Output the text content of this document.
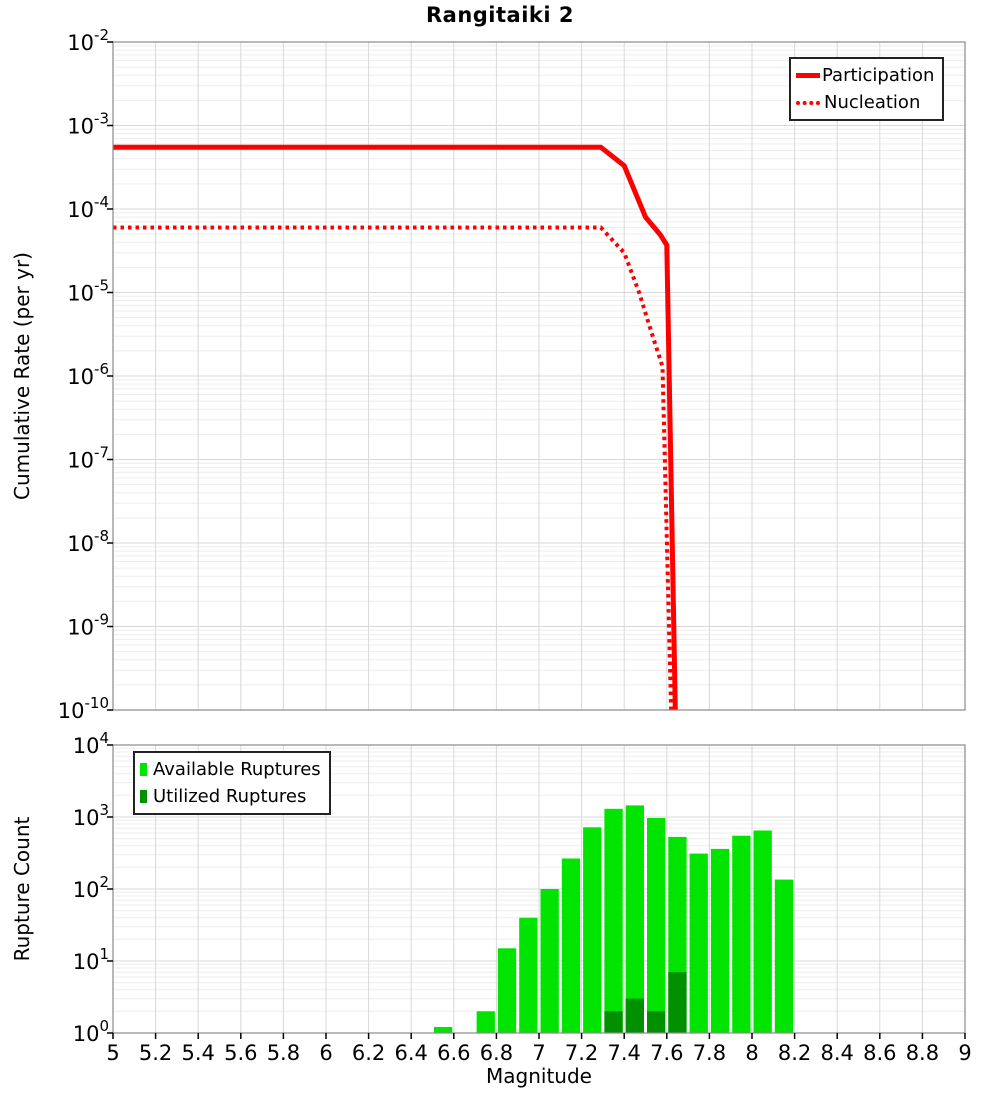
$10^{-2}$
$10^{-3}$
$10^{-4}$
$10^{-5}$
$10^{-6}$
$10^{-7}$
$10^{-8}$
$10^{-9}$
$10^{-10}$
$10^4$
$10^3$
$10^2$
$10^1$
$10^0$
5 5.2 5.4 5.6 5.8 6 6.2 6.4 6.6 6.8 7 7.2 7.4 7.6 7.8 8 8.2 8.4 8.6 8.8 9
Rangitaiki 2
Cumulative Rate (per yr)
Rupture Count
Magnitude
Participation
Nucleation
Available Ruptures
Utilized Ruptures
